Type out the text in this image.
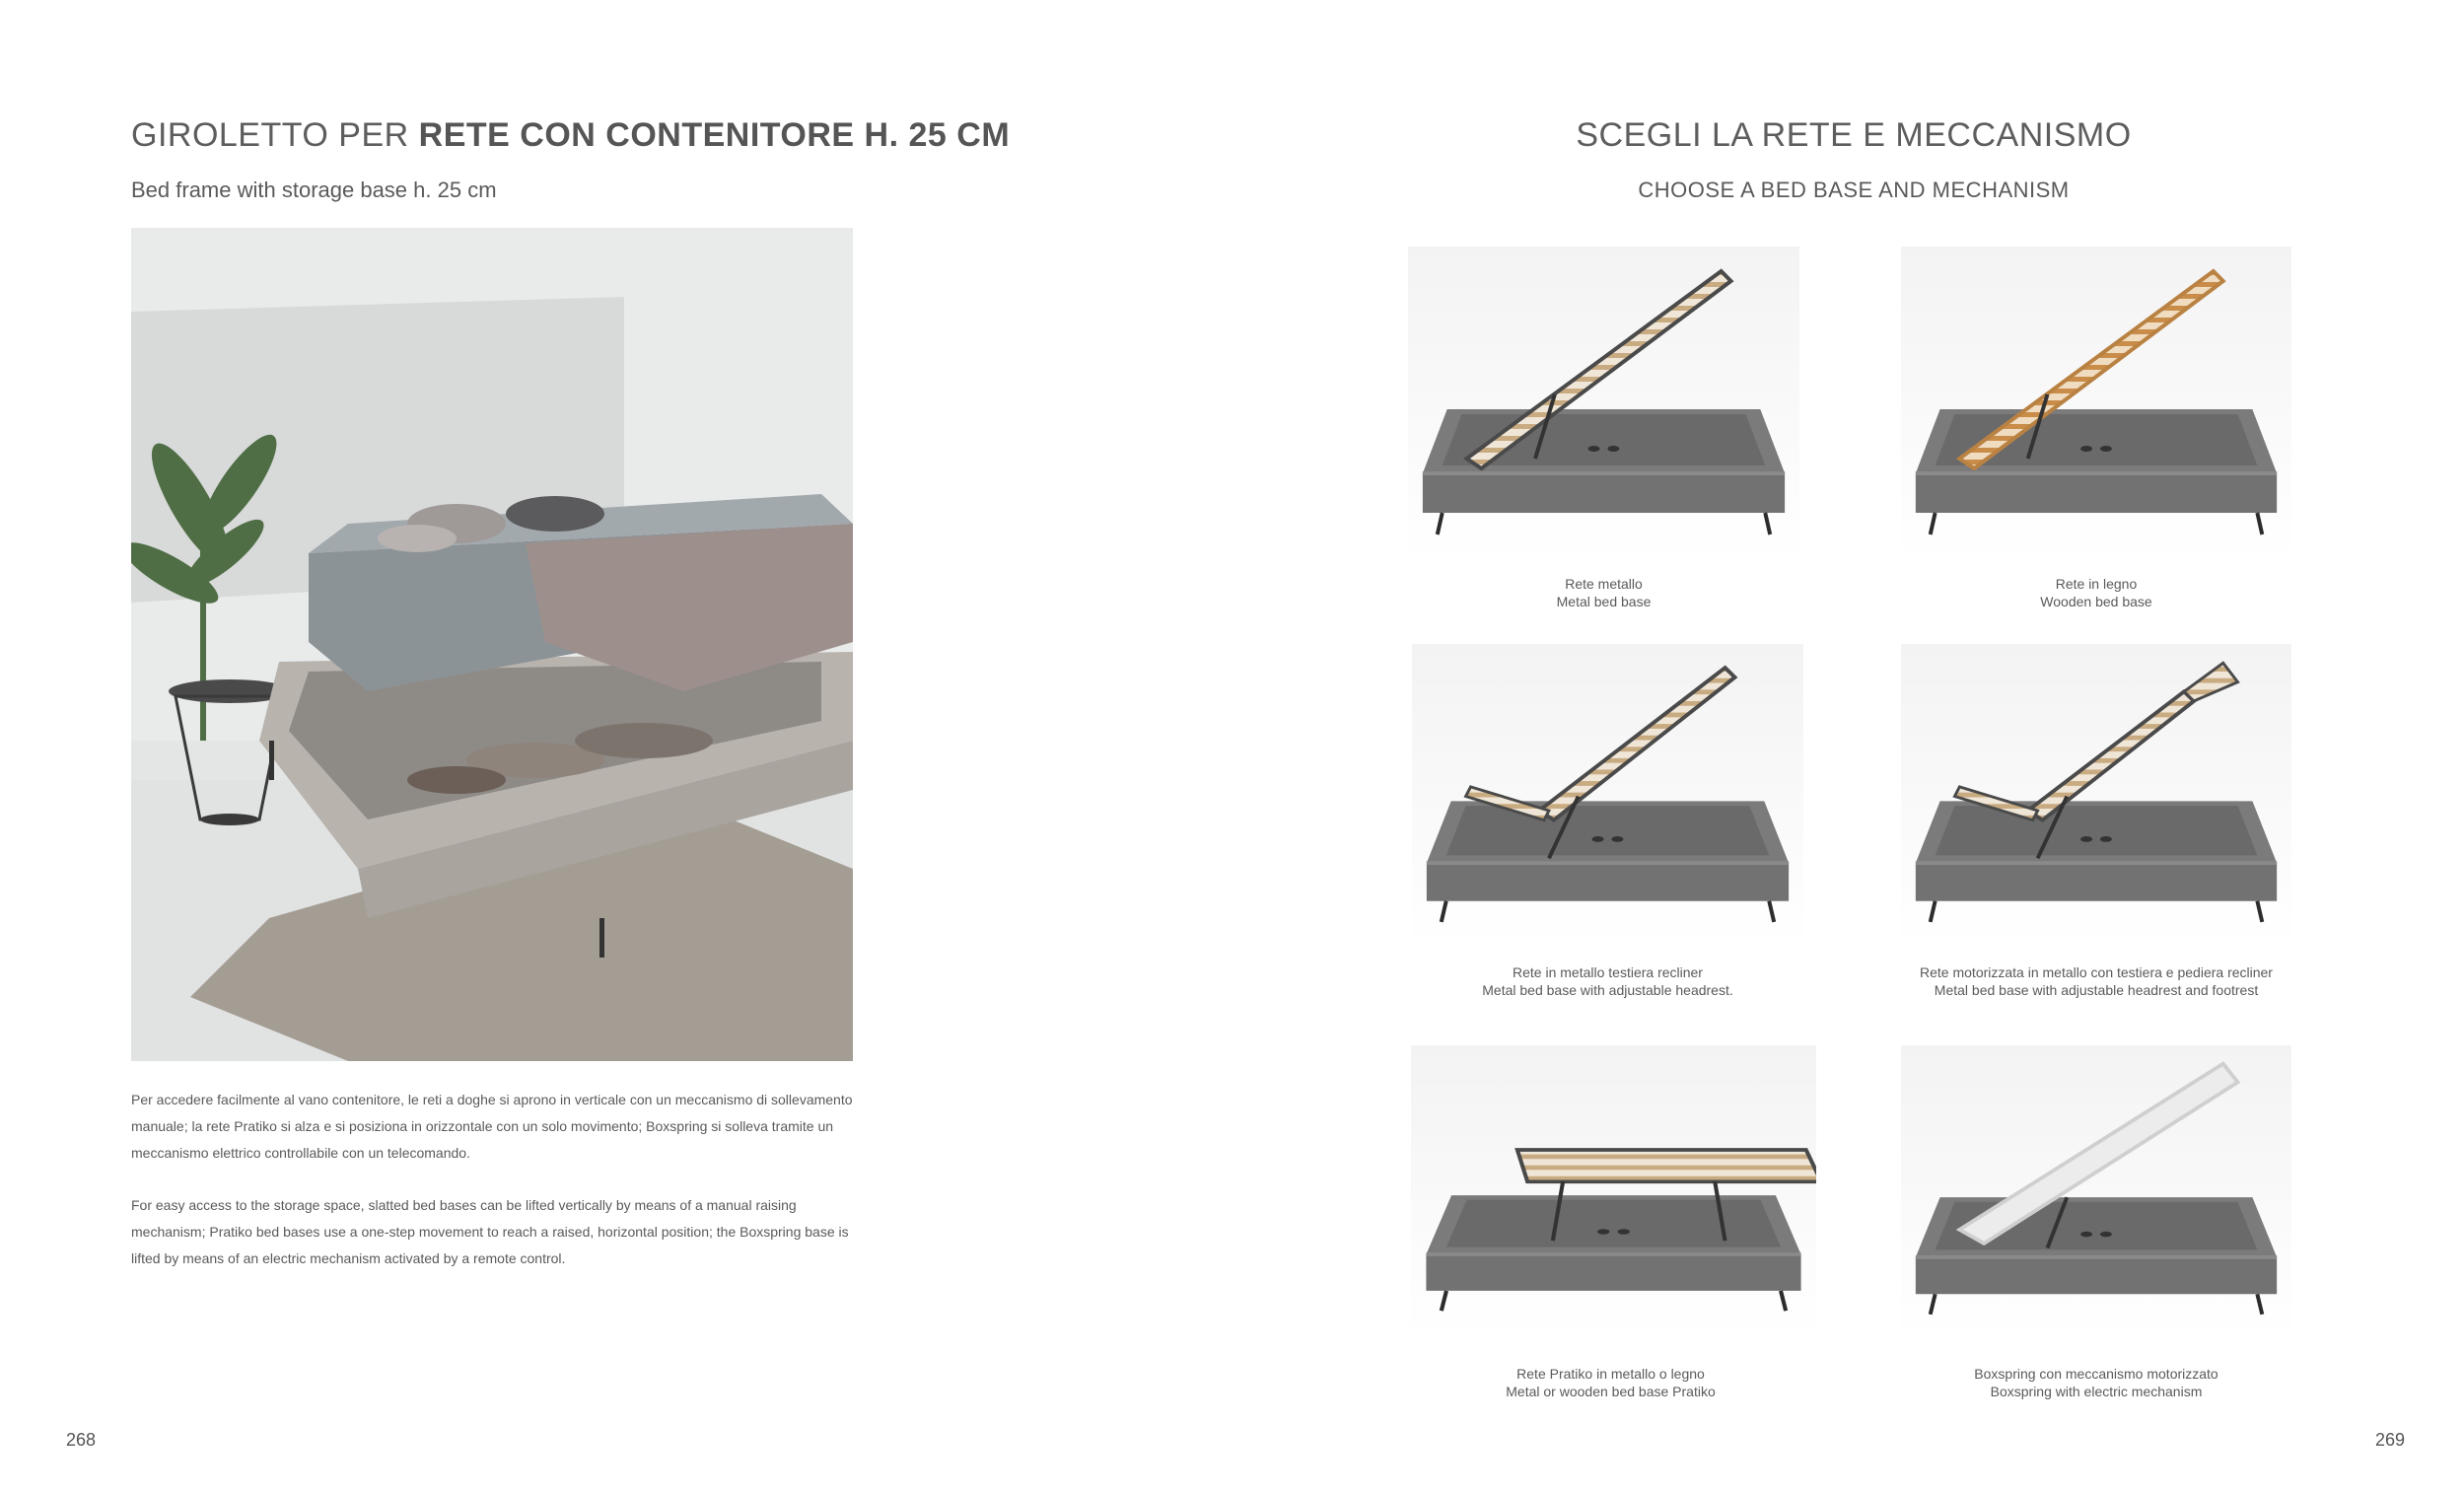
GIROLETTO PER RETE CON CONTENITORE H. 25 CM
Bed frame with storage base h. 25 cm

Per accedere facilmente al vano contenitore, le reti a doghe si aprono in verticale con un meccanismo di sollevamento manuale; la rete Pratiko si alza e si posiziona in orizzontale con un solo movimento; Boxspring si solleva tramite un meccanismo elettrico controllabile con un telecomando.

For easy access to the storage space, slatted bed bases can be lifted vertically by means of a manual raising mechanism; Pratiko bed bases use a one-step movement to reach a raised, horizontal position; the Boxspring base is lifted by means of an electric mechanism activated by a remote control.

268
SCEGLI LA RETE E MECCANISMO
CHOOSE A BED BASE AND MECHANISM
Rete metallo
Metal bed base
Rete in legno
Wooden bed base
Rete in metallo testiera recliner
Metal bed base with adjustable headrest.
Rete motorizzata in metallo con testiera e pediera recliner
Metal bed base with adjustable headrest and footrest
Rete Pratiko in metallo o legno
Metal or wooden bed base Pratiko
Boxspring con meccanismo motorizzato
Boxspring with electric mechanism
269
